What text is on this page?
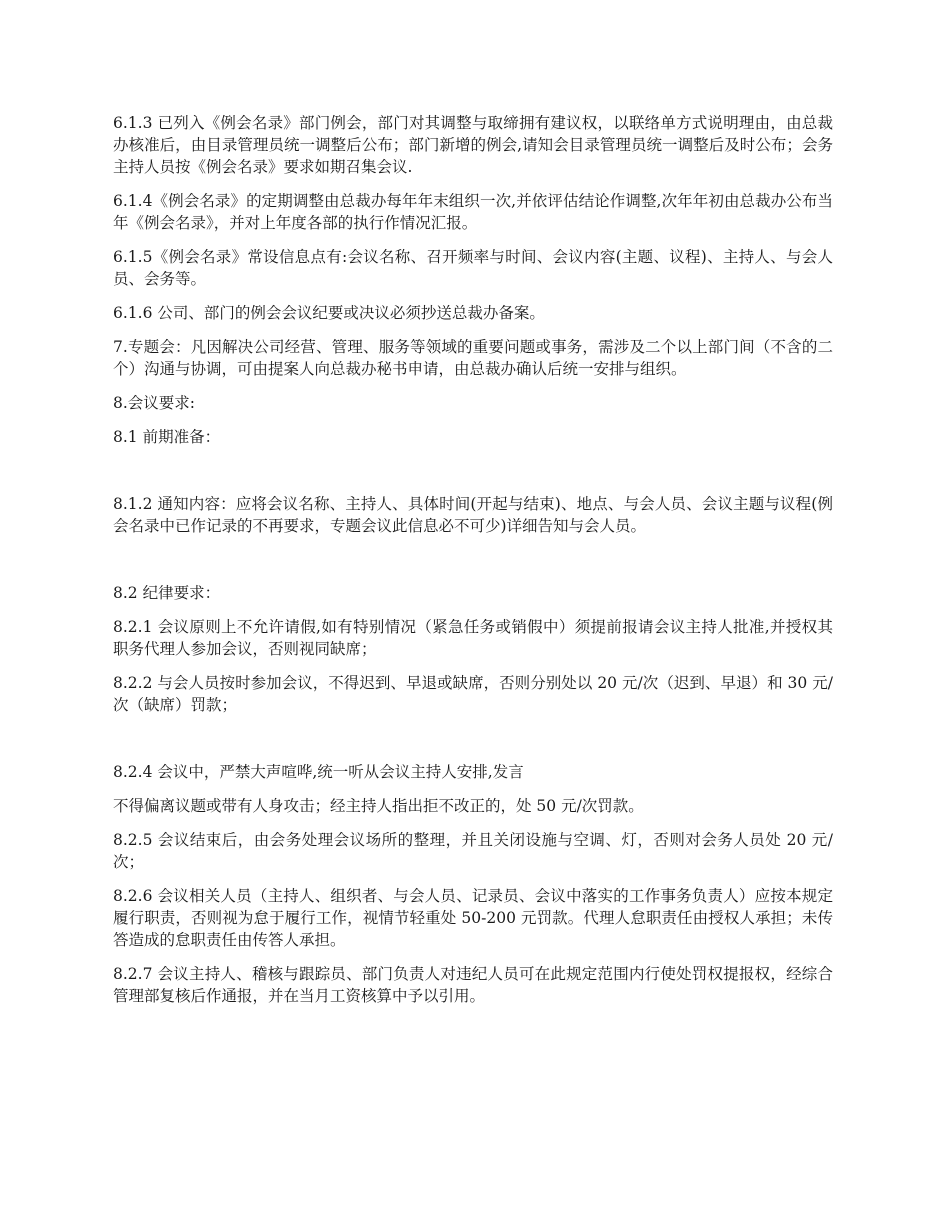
6.1.3 已列入《例会名录》部门例会，部门对其调整与取缔拥有建议权，以联络单方式说明理由，由总裁办核准后，由目录管理员统一调整后公布；部门新增的例会,请知会目录管理员统一调整后及时公布；会务主持人员按《例会名录》要求如期召集会议.

6.1.4《例会名录》的定期调整由总裁办每年年末组织一次,并依评估结论作调整,次年年初由总裁办公布当年《例会名录》，并对上年度各部的执行作情况汇报。

6.1.5《例会名录》常设信息点有:会议名称、召开频率与时间、会议内容(主题、议程)、主持人、与会人员、会务等。

6.1.6 公司、部门的例会会议纪要或决议必须抄送总裁办备案。

7.专题会：凡因解决公司经营、管理、服务等领域的重要问题或事务，需涉及二个以上部门间（不含的二个）沟通与协调，可由提案人向总裁办秘书申请，由总裁办确认后统一安排与组织。

8.会议要求:

8.1 前期准备：

8.1.2 通知内容：应将会议名称、主持人、具体时间(开起与结束)、地点、与会人员、会议主题与议程(例会名录中已作记录的不再要求，专题会议此信息必不可少)详细告知与会人员。

8.2 纪律要求：

8.2.1 会议原则上不允许请假,如有特别情况（紧急任务或销假中）须提前报请会议主持人批准,并授权其职务代理人参加会议，否则视同缺席；

8.2.2 与会人员按时参加会议，不得迟到、早退或缺席，否则分别处以 20 元/次（迟到、早退）和 30 元/次（缺席）罚款；

8.2.4 会议中，严禁大声喧哗,统一听从会议主持人安排,发言

不得偏离议题或带有人身攻击；经主持人指出拒不改正的，处 50 元/次罚款。

8.2.5 会议结束后，由会务处理会议场所的整理，并且关闭设施与空调、灯，否则对会务人员处 20 元/次；

8.2.6 会议相关人员（主持人、组织者、与会人员、记录员、会议中落实的工作事务负责人）应按本规定履行职责，否则视为怠于履行工作，视情节轻重处 50-200 元罚款。代理人怠职责任由授权人承担；未传答造成的怠职责任由传答人承担。

8.2.7 会议主持人、稽核与跟踪员、部门负责人对违纪人员可在此规定范围内行使处罚权提报权，经综合管理部复核后作通报，并在当月工资核算中予以引用。
